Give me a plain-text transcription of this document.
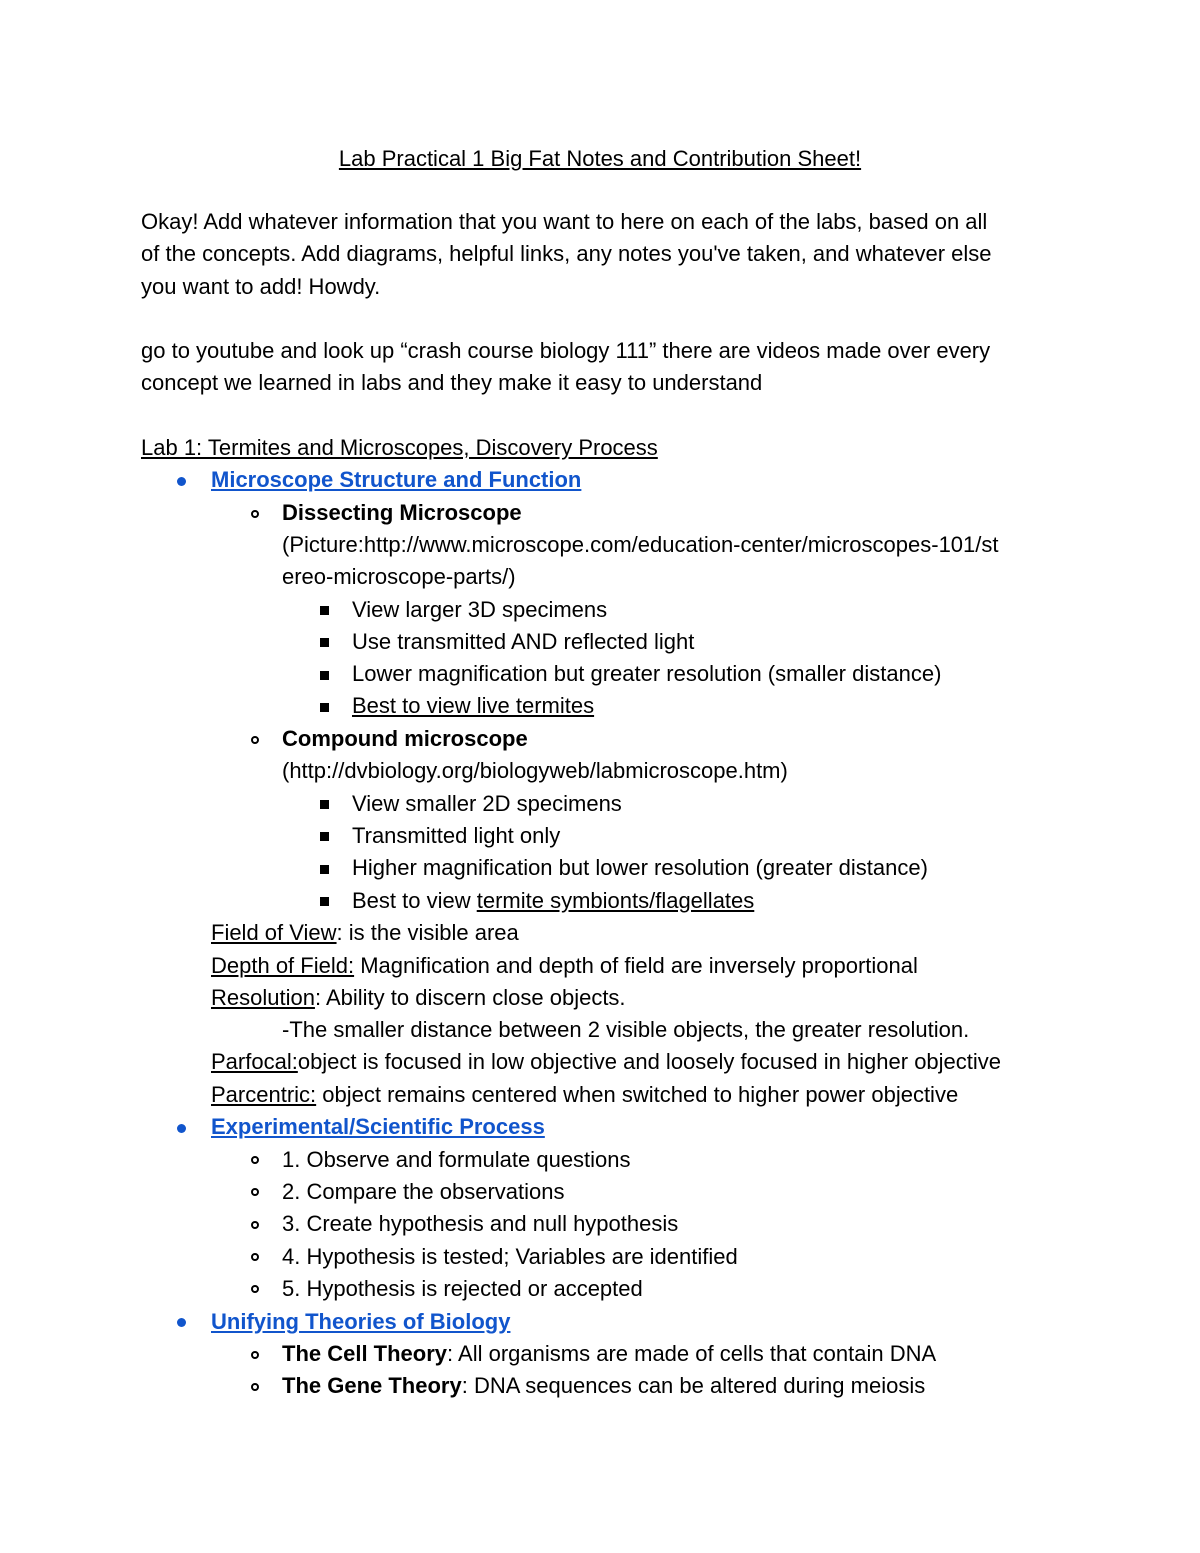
Lab Practical 1 Big Fat Notes and Contribution Sheet!
Okay! Add whatever information that you want to here on each of the labs, based on all
of the concepts. Add diagrams, helpful links, any notes you've taken, and whatever else
you want to add! Howdy.
go to youtube and look up “crash course biology 111” there are videos made over every
concept we learned in labs and they make it easy to understand
Lab 1: Termites and Microscopes, Discovery Process
Microscope Structure and Function
Dissecting Microscope
(Picture:http://www.microscope.com/education-center/microscopes-101/st
ereo-microscope-parts/)
View larger 3D specimens
Use transmitted AND reflected light
Lower magnification but greater resolution (smaller distance)
Best to view live termites
Compound microscope
(http://dvbiology.org/biologyweb/labmicroscope.htm)
View smaller 2D specimens
Transmitted light only
Higher magnification but lower resolution (greater distance)
Best to view termite symbionts/flagellates
Field of View: is the visible area
Depth of Field: Magnification and depth of field are inversely proportional
Resolution: Ability to discern close objects.
-The smaller distance between 2 visible objects, the greater resolution.
Parfocal:object is focused in low objective and loosely focused in higher objective
Parcentric: object remains centered when switched to higher power objective
Experimental/Scientific Process
1. Observe and formulate questions
2. Compare the observations
3. Create hypothesis and null hypothesis
4. Hypothesis is tested; Variables are identified
5. Hypothesis is rejected or accepted
Unifying Theories of Biology
The Cell Theory: All organisms are made of cells that contain DNA
The Gene Theory: DNA sequences can be altered during meiosis
